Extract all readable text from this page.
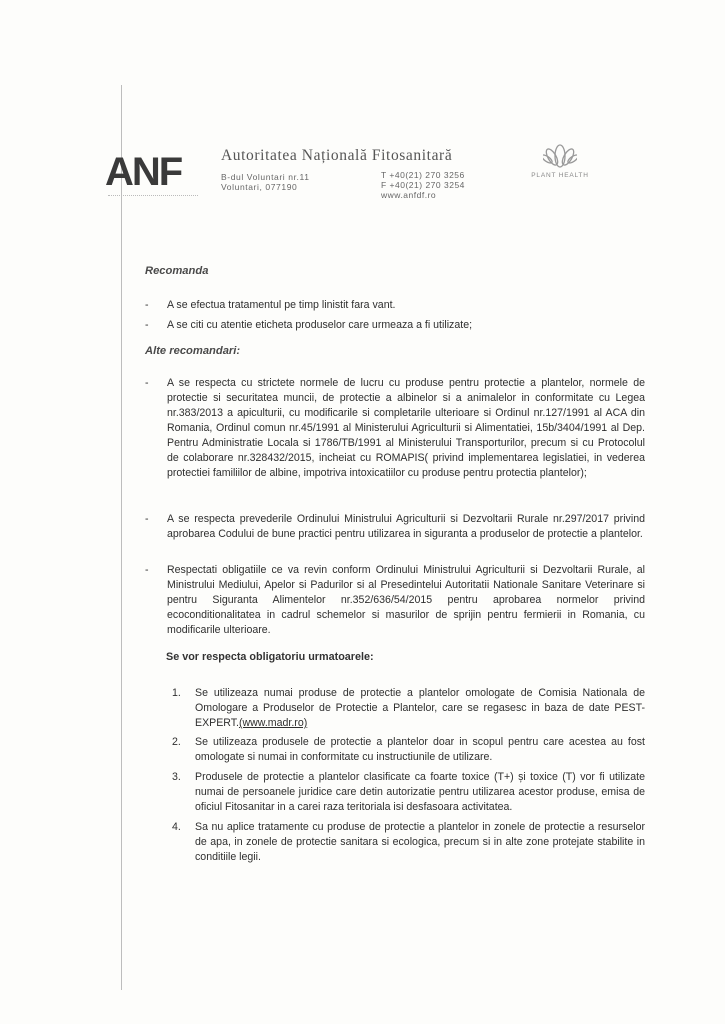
ANF	Autoritatea Națională Fitosanitară
B-dul Voluntari nr.11
Voluntari, 077190
T +40(21) 270 3256
F +40(21) 270 3254
www.anfdf.ro
PLANT HEALTH
Recomanda
-	A se efectua tratamentul pe timp linistit fara vant.
-	A se citi cu atentie eticheta produselor care urmeaza a fi utilizate;
Alte recomandari:
-	A se respecta cu strictete normele de lucru cu produse pentru protectie a plantelor, normele de protectie si securitatea muncii, de protectie a albinelor si a animalelor in conformitate cu Legea nr.383/2013 a apiculturii, cu modificarile si completarile ulterioare si Ordinul nr.127/1991 al ACA din Romania, Ordinul comun nr.45/1991 al Ministerului Agriculturii si Alimentatiei, 15b/3404/1991 al Dep. Pentru Administratie Locala si 1786/TB/1991 al Ministerului Transporturilor, precum si cu Protocolul de colaborare nr.328432/2015, incheiat cu ROMAPIS( privind implementarea legislatiei, in vederea protectiei familiilor de albine, impotriva intoxicatiilor cu produse pentru protectia plantelor);
-	A se respecta prevederile Ordinului Ministrului Agriculturii si Dezvoltarii Rurale nr.297/2017 privind aprobarea Codului de bune practici pentru utilizarea in siguranta a produselor de protectie a plantelor.
-	Respectati obligatiile ce va revin conform Ordinului Ministrului Agriculturii si Dezvoltarii Rurale, al Ministrului Mediului, Apelor si Padurilor si al Presedintelui Autoritatii Nationale Sanitare Veterinare si pentru Siguranta Alimentelor nr.352/636/54/2015 pentru aprobarea normelor privind ecoconditionalitatea in cadrul schemelor si masurilor de sprijin pentru fermierii in Romania, cu modificarile ulterioare.
Se vor respecta obligatoriu urmatoarele:
1.	Se utilizeaza numai produse de protectie a plantelor omologate de Comisia Nationala de Omologare a Produselor de Protectie a Plantelor, care se regasesc in baza de date PEST-EXPERT.(www.madr.ro)
2.	Se utilizeaza produsele de protectie a plantelor doar in scopul pentru care acestea au fost omologate si numai in conformitate cu instructiunile de utilizare.
3.	Produsele de protectie a plantelor clasificate ca foarte toxice (T+) și toxice (T) vor fi utilizate numai de persoanele juridice care detin autorizatie pentru utilizarea acestor produse, emisa de oficiul Fitosanitar in a carei raza teritoriala isi desfasoara activitatea.
4.	Sa nu aplice tratamente cu produse de protectie a plantelor in zonele de protectie a resurselor de apa, in zonele de protectie sanitara si ecologica, precum si in alte zone protejate stabilite in conditiile legii.
